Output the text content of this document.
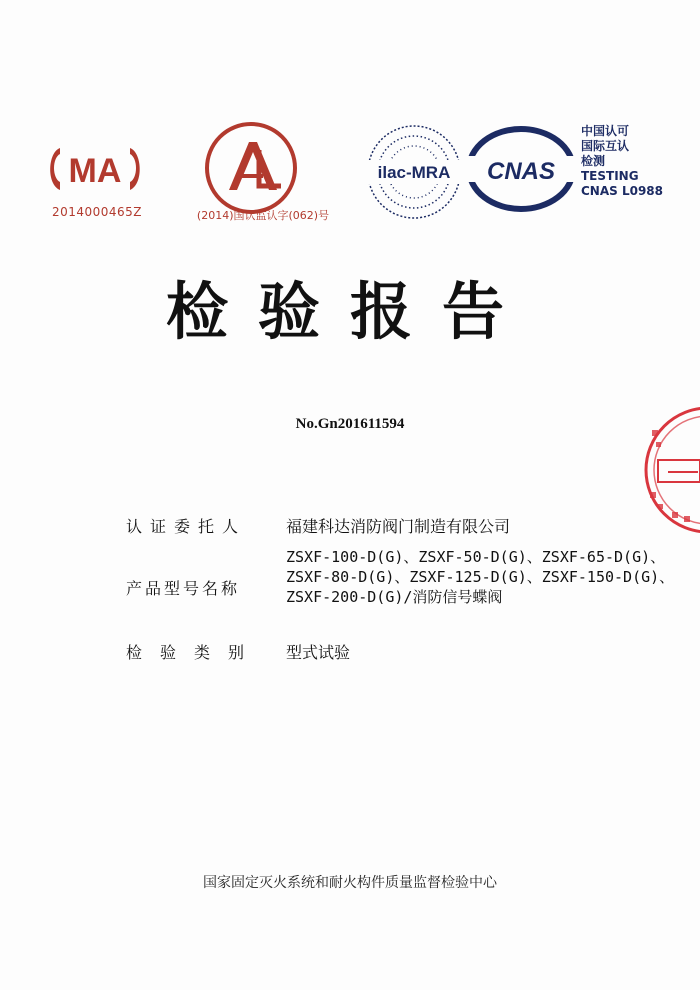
MA
2014000465Z	(2014)国认监认字(062)号
ilac-MRA CNAS
中国认可
国际互认
检测
TESTING
CNAS L0988
检验报告
No.Gn201611594
认证委托人 福建科达消防阀门制造有限公司
产品型号名称
ZSXF-100-D(G)、ZSXF-50-D(G)、ZSXF-65-D(G)、ZSXF-80-D(G)、ZSXF-125-D(G)、ZSXF-150-D(G)、ZSXF-200-D(G)/消防信号蝶阀
检验类别 型式试验
国家固定灭火系统和耐火构件质量监督检验中心
